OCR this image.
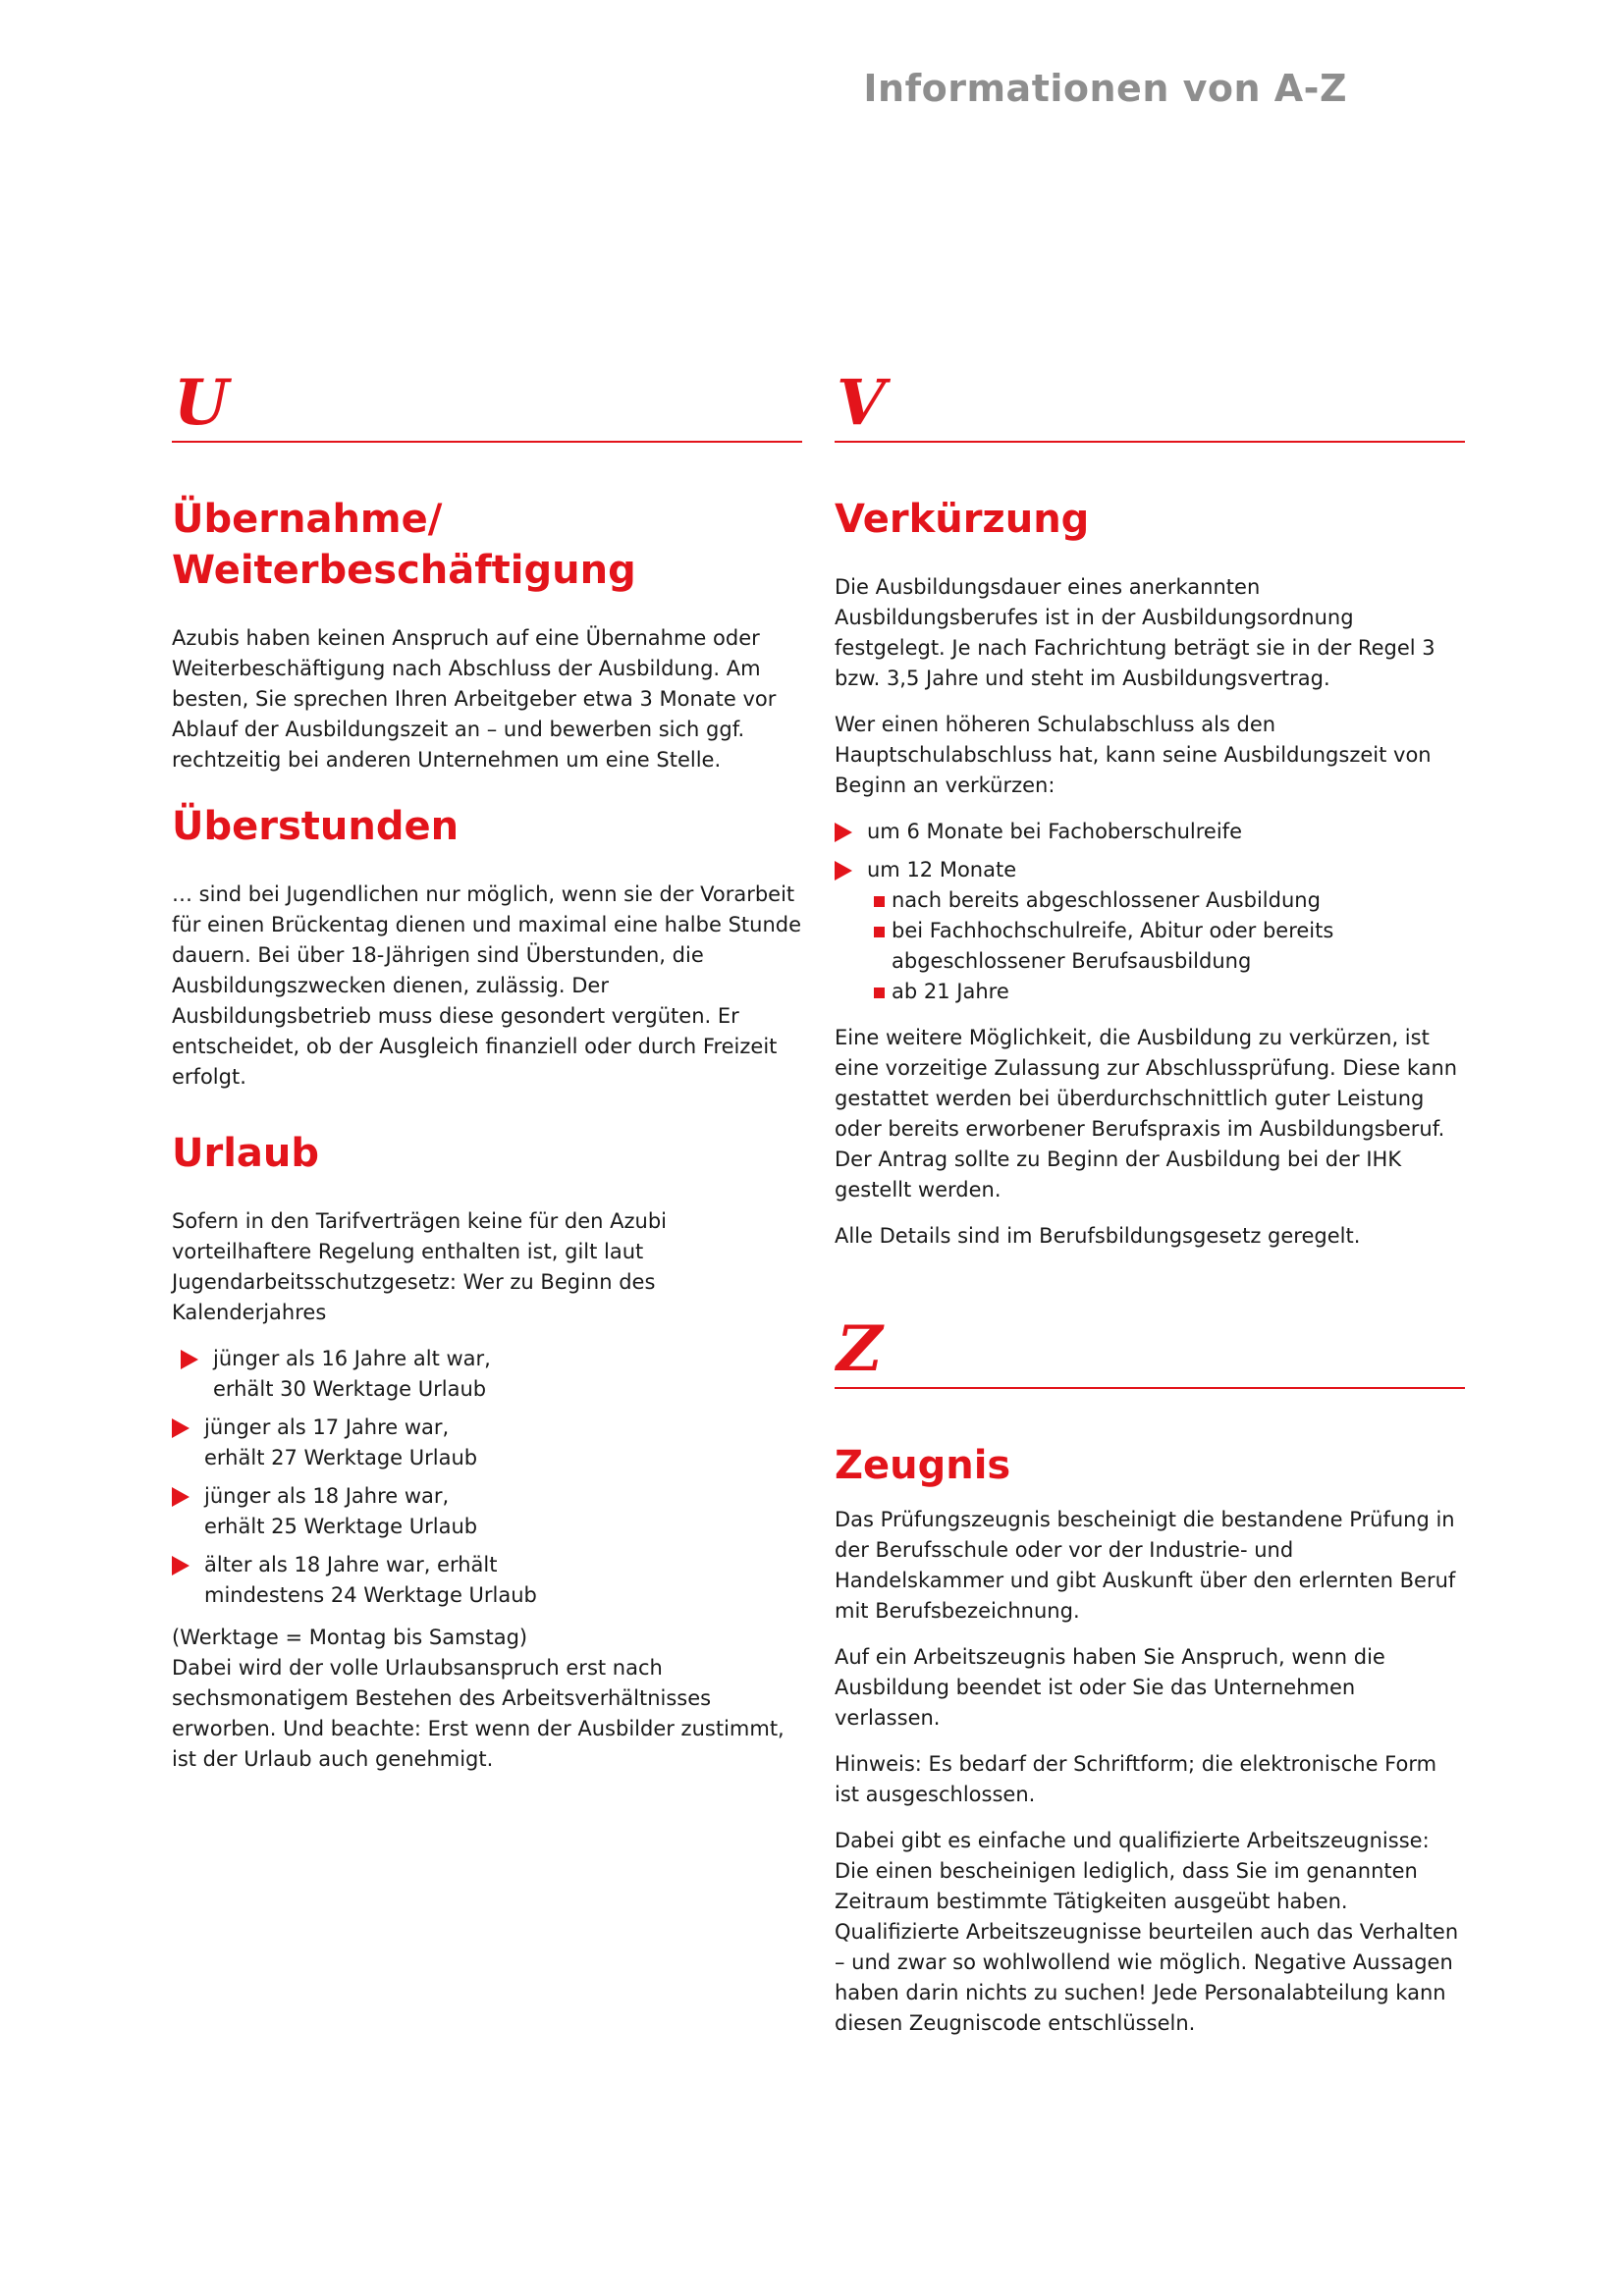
Informationen von A-Z
U
Übernahme/
Weiterbeschäftigung

Azubis haben keinen Anspruch auf eine Übernahme oder Weiterbeschäftigung nach Abschluss der Ausbildung. Am besten, Sie sprechen Ihren Arbeitgeber etwa 3 Monate vor Ablauf der Ausbildungszeit an – und bewerben sich ggf. rechtzeitig bei anderen Unternehmen um eine Stelle.

Überstunden

… sind bei Jugendlichen nur möglich, wenn sie der Vorarbeit für einen Brückentag dienen und maximal eine halbe Stunde dauern. Bei über 18-Jährigen sind Überstunden, die Ausbildungszwecken dienen, zulässig. Der Ausbildungsbetrieb muss diese gesondert vergüten. Er entscheidet, ob der Ausgleich finanziell oder durch Freizeit erfolgt.

Urlaub

Sofern in den Tarifverträgen keine für den Azubi vorteilhaftere Regelung enthalten ist, gilt laut Jugendarbeitsschutzgesetz: Wer zu Beginn des Kalenderjahres

jünger als 16 Jahre alt war,
erhält 30 Werktage Urlaub
jünger als 17 Jahre war,
erhält 27 Werktage Urlaub
jünger als 18 Jahre war,
erhält 25 Werktage Urlaub
älter als 18 Jahre war, erhält
mindestens 24 Werktage Urlaub

(Werktage = Montag bis Samstag)

Dabei wird der volle Urlaubsanspruch erst nach sechsmonatigem Bestehen des Arbeitsverhältnisses erworben. Und beachte: Erst wenn der Ausbilder zustimmt, ist der Urlaub auch genehmigt.

V
Verkürzung

Die Ausbildungsdauer eines anerkannten Ausbildungsberufes ist in der Ausbildungsordnung festgelegt. Je nach Fachrichtung beträgt sie in der Regel 3 bzw. 3,5 Jahre und steht im Ausbildungsvertrag.

Wer einen höheren Schulabschluss als den Hauptschulabschluss hat, kann seine Ausbildungszeit von Beginn an verkürzen:

um 6 Monate bei Fachoberschulreife
um 12 Monate
nach bereits abgeschlossener Ausbildung
bei Fachhochschulreife, Abitur oder bereits abgeschlossener Berufsausbildung
ab 21 Jahre

Eine weitere Möglichkeit, die Ausbildung zu verkürzen, ist eine vorzeitige Zulassung zur Abschlussprüfung. Diese kann gestattet werden bei überdurchschnittlich guter Leistung oder bereits erworbener Berufspraxis im Ausbildungsberuf. Der Antrag sollte zu Beginn der Ausbildung bei der IHK gestellt werden.

Alle Details sind im Berufsbildungsgesetz geregelt.

Z
Zeugnis

Das Prüfungszeugnis bescheinigt die bestandene Prüfung in der Berufsschule oder vor der Industrie- und Handelskammer und gibt Auskunft über den erlernten Beruf mit Berufsbezeichnung.

Auf ein Arbeitszeugnis haben Sie Anspruch, wenn die Ausbildung beendet ist oder Sie das Unternehmen verlassen.

Hinweis: Es bedarf der Schriftform; die elektronische Form ist ausgeschlossen.

Dabei gibt es einfache und qualifizierte Arbeitszeugnisse: Die einen bescheinigen lediglich, dass Sie im genannten Zeitraum bestimmte Tätigkeiten ausgeübt haben. Qualifizierte Arbeitszeugnisse beurteilen auch das Verhalten – und zwar so wohlwollend wie möglich. Negative Aussagen haben darin nichts zu suchen! Jede Personalabteilung kann diesen Zeugniscode entschlüsseln.
